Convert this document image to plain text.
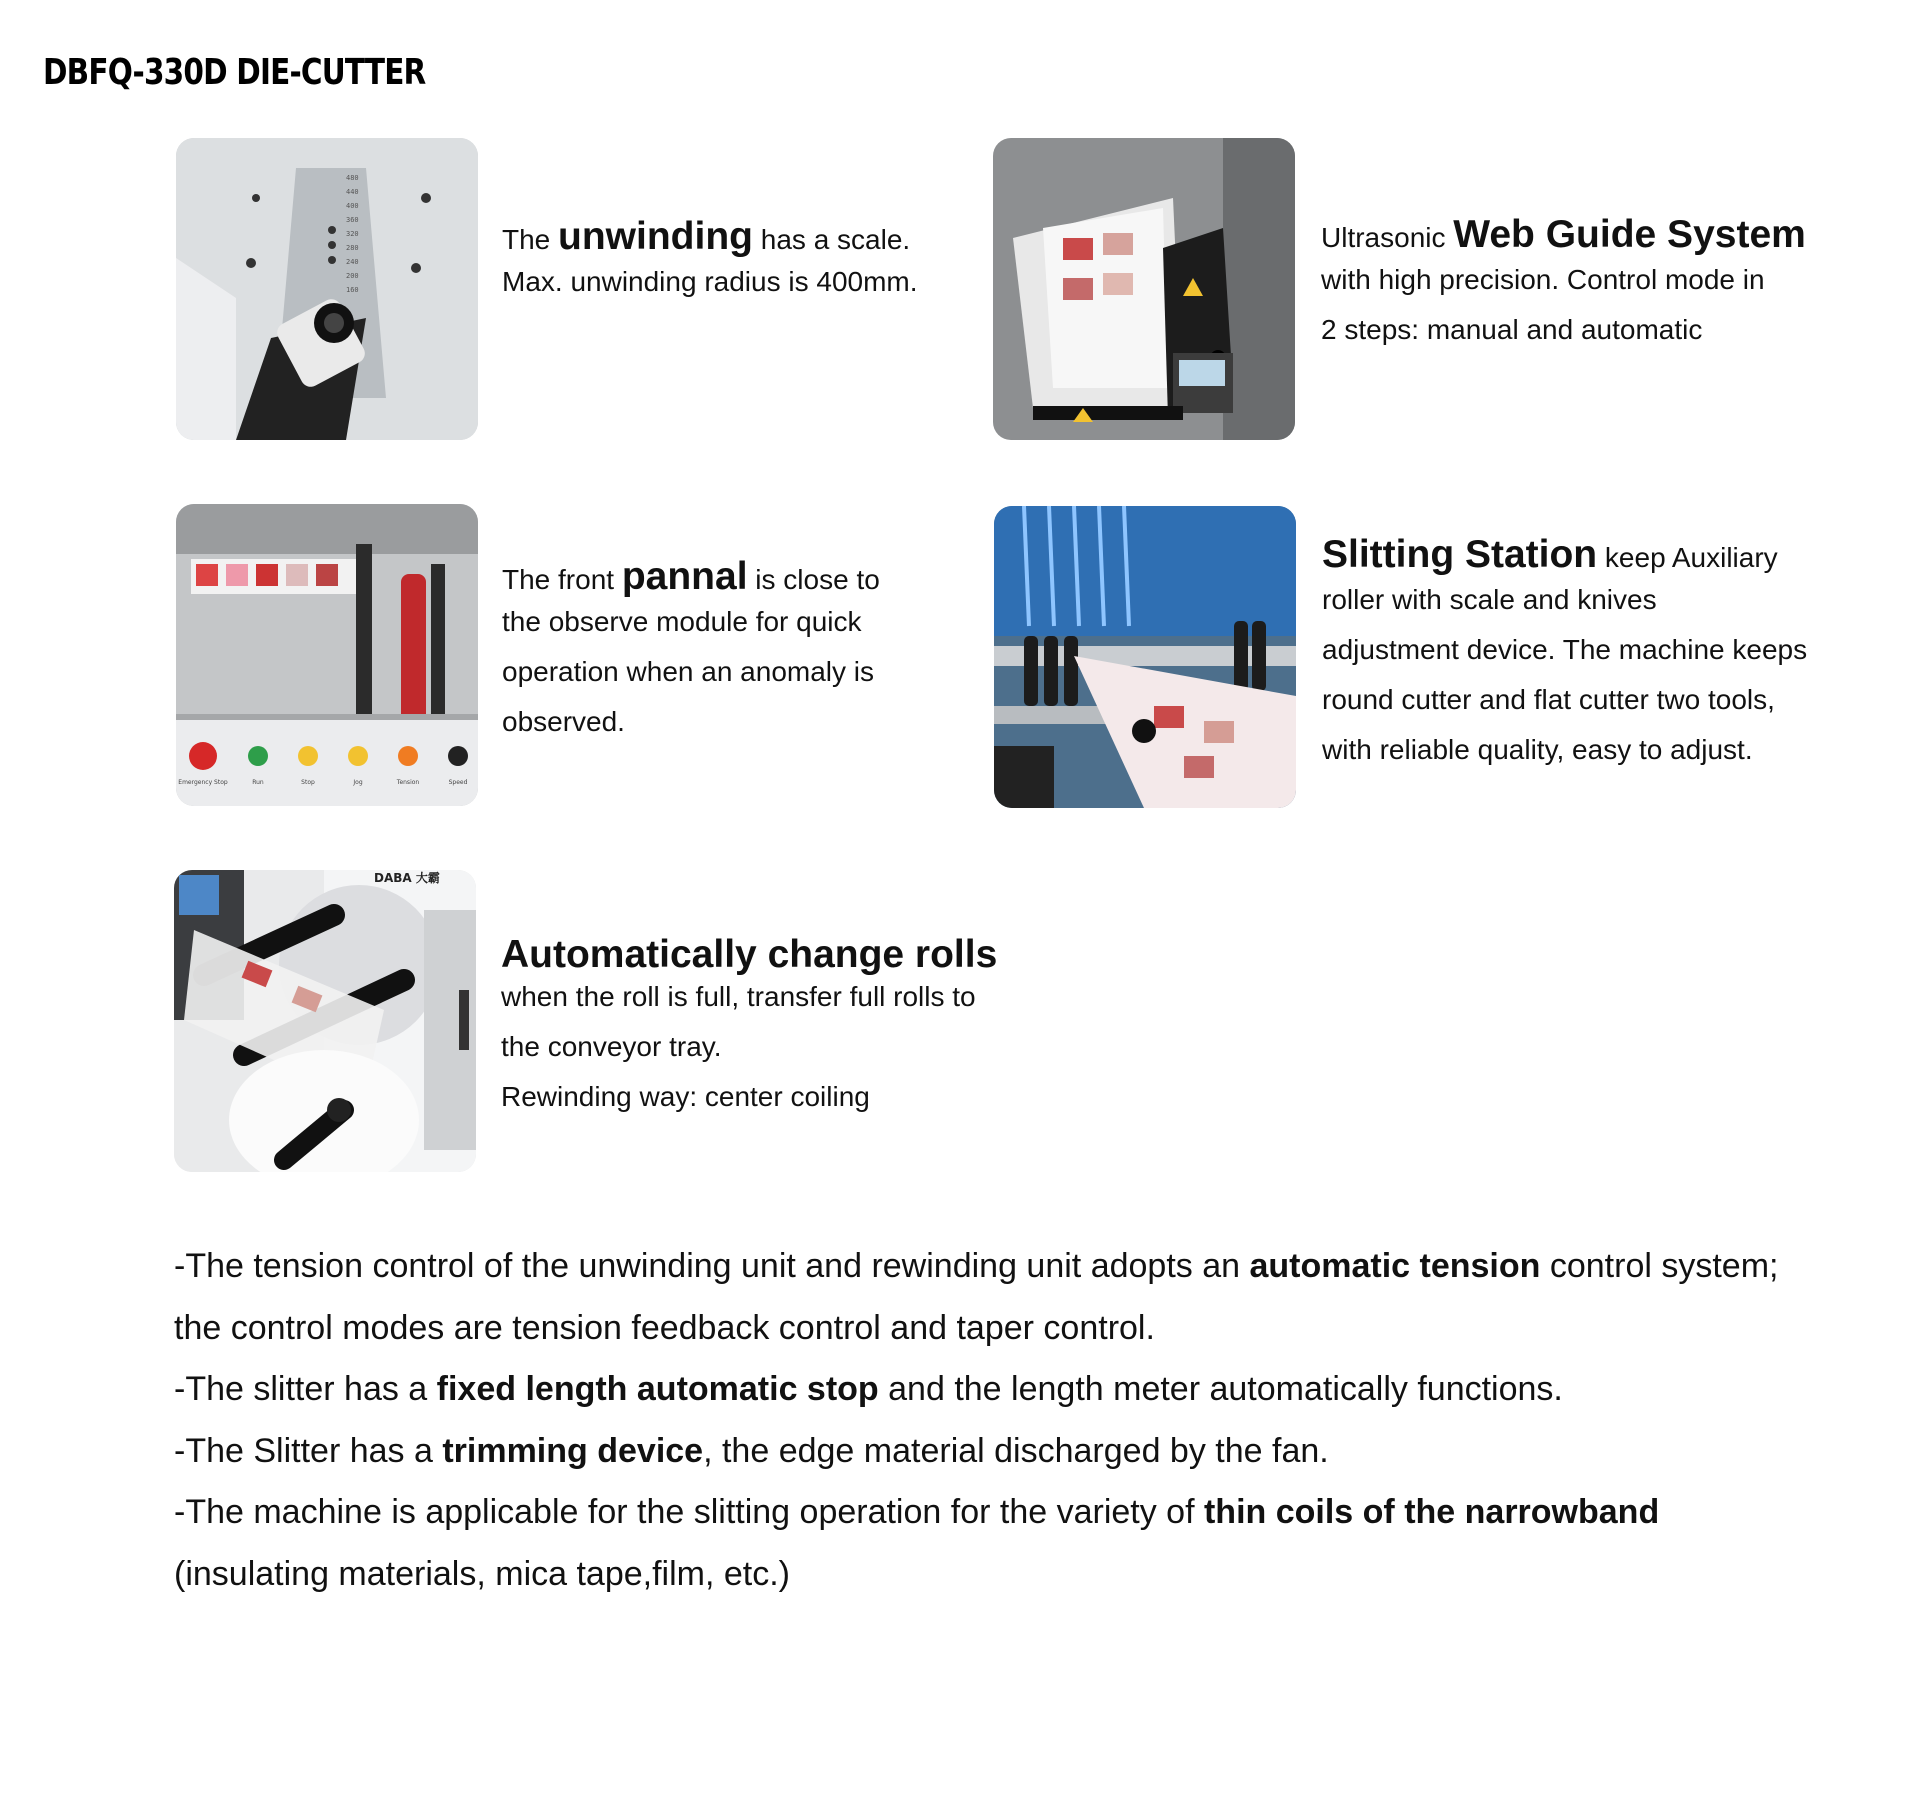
DBFQ-330D DIE-CUTTER
480
440
400
360
320
280
240
200
160
The unwinding has a scale.
Max. unwinding radius is 400mm.
Ultrasonic Web Guide System
with high precision. Control mode in
2 steps: manual and automatic
Emergency Stop	Run	Stop	Jog	Tension	Speed
The front pannal is close to
the observe module for quick
operation when an anomaly is
observed.
Slitting Station keep Auxiliary
roller with scale and knives
adjustment device. The machine keeps
round cutter and flat cutter two tools,
with reliable quality, easy to adjust.
DABA 大霸
Automatically change rolls
when the roll is full, transfer full rolls to
the conveyor tray.
Rewinding way: center coiling

-The tension control of the unwinding unit and rewinding unit adopts an automatic tension control system; the control modes are tension feedback control and taper control.

-The slitter has a fixed length automatic stop and the length meter automatically functions.

-The Slitter has a trimming device, the edge material discharged by the fan.

-The machine is applicable for the slitting operation for the variety of thin coils of the narrowband (insulating materials, mica tape,film, etc.)
